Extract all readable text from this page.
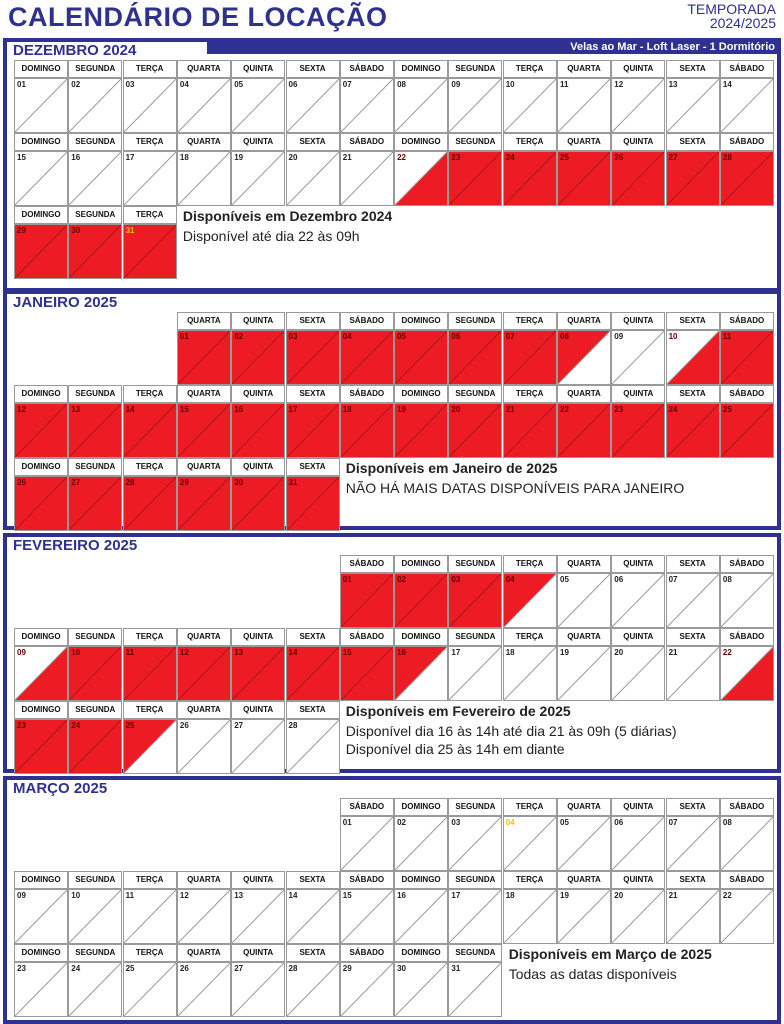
CALENDÁRIO DE LOCAÇÃO	TEMPORADA
2024/2025
DEZEMBRO 2024	Velas ao Mar - Loft Laser - 1 Dormitório
DOMINGO
01
SEGUNDA
02
TERÇA
03
QUARTA
04
QUINTA
05
SEXTA
06
SÁBADO
07
DOMINGO
08
SEGUNDA
09
TERÇA
10
QUARTA
11
QUINTA
12
SEXTA
13
SÁBADO
14
DOMINGO
15
SEGUNDA
16
TERÇA
17
QUARTA
18
QUINTA
19
SEXTA
20
SÁBADO
21
DOMINGO
22
SEGUNDA
23
TERÇA
24
QUARTA
25
QUINTA
26
SEXTA
27
SÁBADO
28
DOMINGO
29
SEGUNDA
30
TERÇA
31
Disponíveis em Dezembro 2024
Disponível até dia 22 às 09h
JANEIRO 2025
QUARTA
01
QUINTA
02
SEXTA
03
SÁBADO
04
DOMINGO
05
SEGUNDA
06
TERÇA
07
QUARTA
08
QUINTA
09
SEXTA
10
SÁBADO
11
DOMINGO
12
SEGUNDA
13
TERÇA
14
QUARTA
15
QUINTA
16
SEXTA
17
SÁBADO
18
DOMINGO
19
SEGUNDA
20
TERÇA
21
QUARTA
22
QUINTA
23
SEXTA
24
SÁBADO
25
DOMINGO
26
SEGUNDA
27
TERÇA
28
QUARTA
29
QUINTA
30
SEXTA
31
Disponíveis em Janeiro de 2025
NÃO HÁ MAIS DATAS DISPONÍVEIS PARA JANEIRO
FEVEREIRO 2025
SÁBADO
01
DOMINGO
02
SEGUNDA
03
TERÇA
04
QUARTA
05
QUINTA
06
SEXTA
07
SÁBADO
08
DOMINGO
09
SEGUNDA
10
TERÇA
11
QUARTA
12
QUINTA
13
SEXTA
14
SÁBADO
15
DOMINGO
16
SEGUNDA
17
TERÇA
18
QUARTA
19
QUINTA
20
SEXTA
21
SÁBADO
22
DOMINGO
23
SEGUNDA
24
TERÇA
25
QUARTA
26
QUINTA
27
SEXTA
28
Disponíveis em Fevereiro de 2025
Disponível dia 16 às 14h até dia 21 às 09h (5 diárias)
Disponível dia 25 às 14h em diante
MARÇO 2025
SÁBADO
01
DOMINGO
02
SEGUNDA
03
TERÇA
04
QUARTA
05
QUINTA
06
SEXTA
07
SÁBADO
08
DOMINGO
09
SEGUNDA
10
TERÇA
11
QUARTA
12
QUINTA
13
SEXTA
14
SÁBADO
15
DOMINGO
16
SEGUNDA
17
TERÇA
18
QUARTA
19
QUINTA
20
SEXTA
21
SÁBADO
22
DOMINGO
23
SEGUNDA
24
TERÇA
25
QUARTA
26
QUINTA
27
SEXTA
28
SÁBADO
29
DOMINGO
30
SEGUNDA
31
Disponíveis em Março de 2025
Todas as datas disponíveis
